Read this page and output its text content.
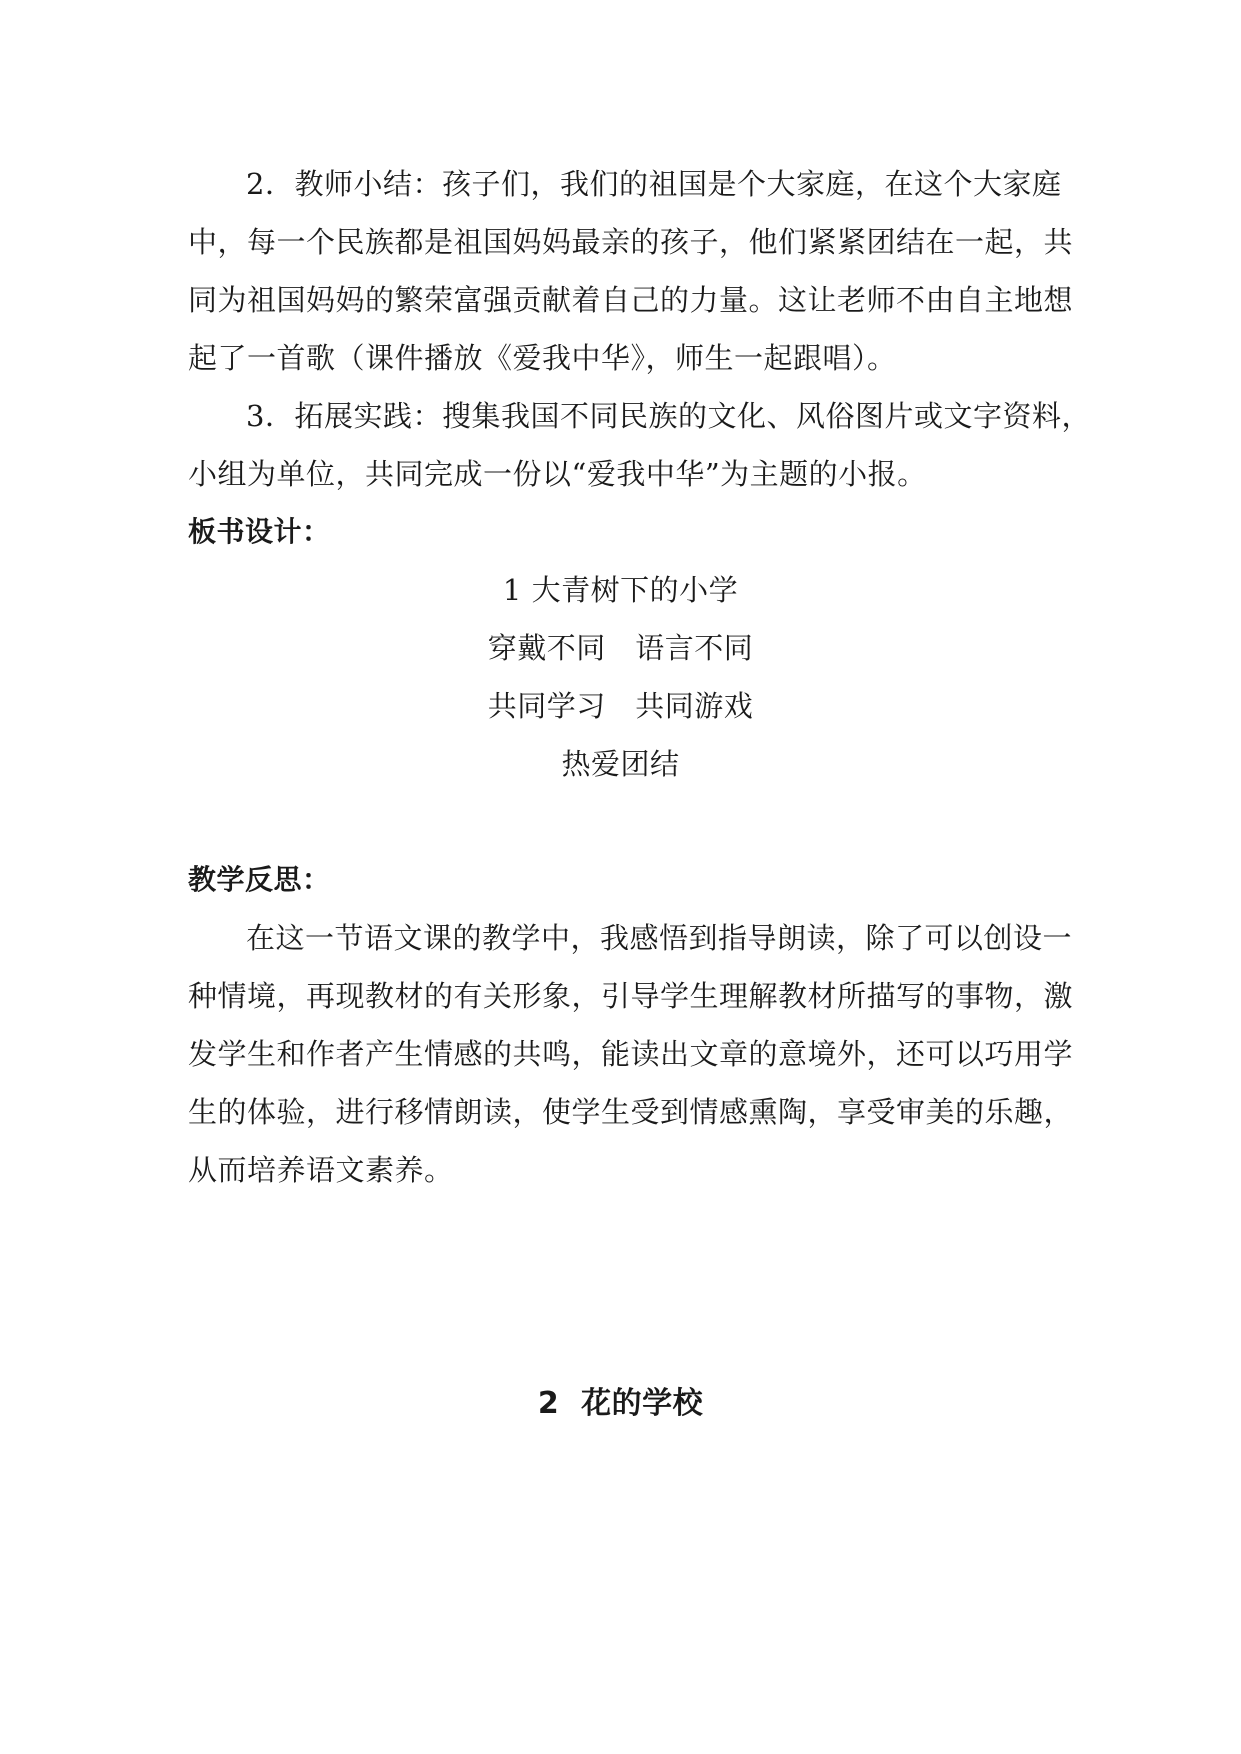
2．教师小结：孩子们，我们的祖国是个大家庭，在这个大家庭
中，每一个民族都是祖国妈妈最亲的孩子，他们紧紧团结在一起，共
同为祖国妈妈的繁荣富强贡献着自己的力量。这让老师不由自主地想
起了一首歌（课件播放《爱我中华》，师生一起跟唱）。
3．拓展实践：搜集我国不同民族的文化、风俗图片或文字资料，
小组为单位，共同完成一份以“爱我中华”为主题的小报。
板书设计：
1 大青树下的小学
穿戴不同　语言不同
共同学习　共同游戏
热爱团结
教学反思：
在这一节语文课的教学中，我感悟到指导朗读，除了可以创设一
种情境，再现教材的有关形象，引导学生理解教材所描写的事物，激
发学生和作者产生情感的共鸣，能读出文章的意境外，还可以巧用学
生的体验，进行移情朗读，使学生受到情感熏陶，享受审美的乐趣，
从而培养语文素养。
2  花的学校
